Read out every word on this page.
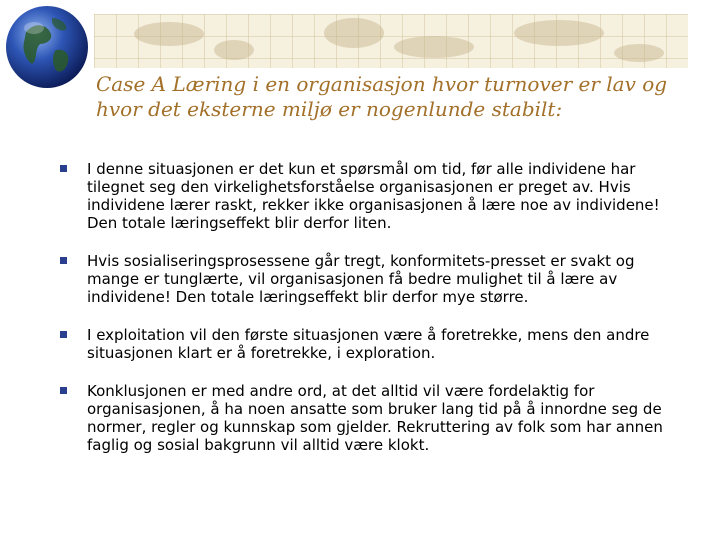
Case A Læring i en organisasjon hvor turnover er lav og hvor det eksterne miljø er nogenlunde stabilt:
I denne situasjonen er det kun et spørsmål om tid, før alle individene har tilegnet seg den virkelighetsforståelse organisasjonen er preget av. Hvis individene lærer raskt, rekker ikke organisasjonen å lære noe av individene! Den totale læringseffekt blir derfor liten.
Hvis sosialiseringsprosessene går tregt, konformitets-presset er svakt og mange er tunglærte, vil organisasjonen få bedre mulighet til å lære av individene! Den totale læringseffekt blir derfor mye større.
I exploitation vil den første situasjonen være å foretrekke, mens den andre situasjonen klart er å foretrekke, i exploration.
Konklusjonen er med andre ord, at det alltid vil være fordelaktig for organisasjonen, å ha noen ansatte som bruker lang tid på å innordne seg de normer, regler og kunnskap som gjelder. Rekruttering av folk som har annen faglig og sosial bakgrunn vil alltid være klokt.
